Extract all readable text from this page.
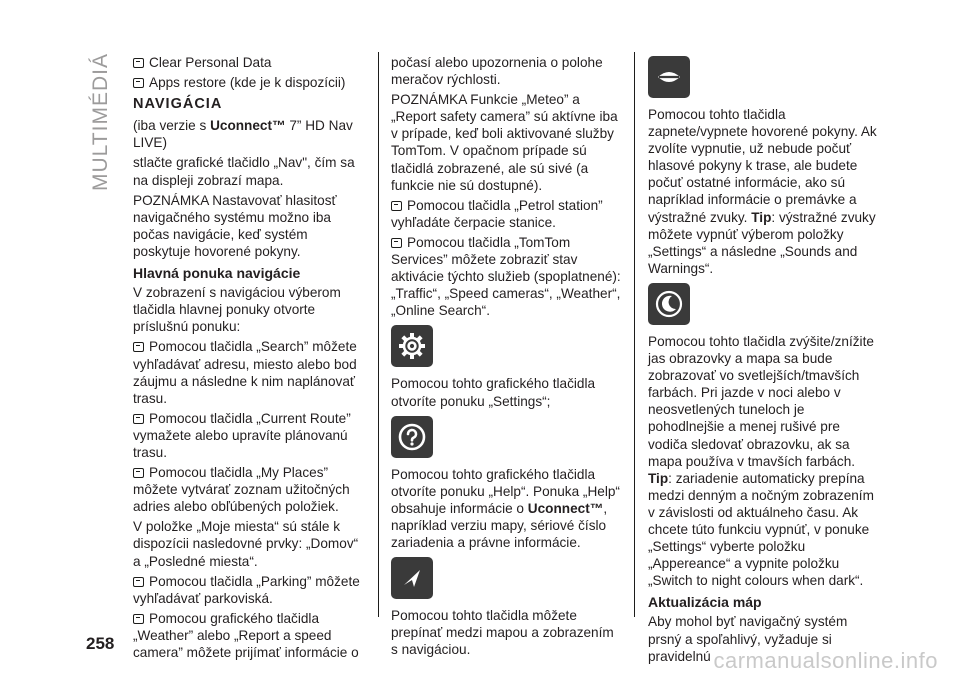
MULTIMÉDIÁ	Clear Personal Data
Apps restore (kde je k dispozícii)
NAVIGÁCIA
(iba verzie s Uconnect™ 7” HD Nav LIVE)
stlačte grafické tlačidlo „Nav", čím sa na displeji zobrazí mapa.
POZNÁMKA Nastavovať hlasitosť navigačného systému možno iba počas navigácie, keď systém poskytuje hovorené pokyny.
Hlavná ponuka navigácie
V zobrazení s navigáciou výberom tlačidla hlavnej ponuky otvorte príslušnú ponuku:
Pomocou tlačidla „Search” môžete vyhľadávať adresu, miesto alebo bod záujmu a následne k nim naplánovať trasu.
Pomocou tlačidla „Current Route” vymažete alebo upravíte plánovanú trasu.
Pomocou tlačidla „My Places” môžete vytvárať zoznam užitočných adries alebo obľúbených položiek.
V položke „Moje miesta“ sú stále k dispozícii nasledovné prvky: „Domov“ a „Posledné miesta“.
Pomocou tlačidla „Parking” môžete vyhľadávať parkoviská.
Pomocou grafického tlačidla „Weather” alebo „Report a speed camera” môžete prijímať informácie o
počasí alebo upozornenia o polohe meračov rýchlosti.
POZNÁMKA Funkcie „Meteo” a „Report safety camera” sú aktívne iba v prípade, keď boli aktivované služby TomTom. V opačnom prípade sú tlačidlá zobrazené, ale sú sivé (a funkcie nie sú dostupné).
Pomocou tlačidla „Petrol station” vyhľadáte čerpacie stanice.
Pomocou tlačidla „TomTom Services” môžete zobraziť stav aktivácie týchto služieb (spoplatnené): „Traffic“, „Speed cameras“, „Weather“, „Online Search“.
Pomocou tohto grafického tlačidla otvoríte ponuku „Settings“;
Pomocou tohto grafického tlačidla otvoríte ponuku „Help“. Ponuka „Help“ obsahuje informácie o Uconnect™, napríklad verziu mapy, sériové číslo zariadenia a právne informácie.
Pomocou tohto tlačidla môžete prepínať medzi mapou a zobrazením s navigáciou.
Pomocou tohto tlačidla zapnete/vypnete hovorené pokyny. Ak zvolíte vypnutie, už nebude počuť hlasové pokyny k trase, ale budete počuť ostatné informácie, ako sú napríklad informácie o premávke a výstražné zvuky. Tip: výstražné zvuky môžete vypnúť výberom položky „Settings“ a následne „Sounds and Warnings“.
Pomocou tohto tlačidla zvýšite/znížite jas obrazovky a mapa sa bude zobrazovať vo svetlejších/tmavších farbách. Pri jazde v noci alebo v neosvetlených tuneloch je pohodlnejšie a menej rušivé pre vodiča sledovať obrazovku, ak sa mapa používa v tmavších farbách. Tip: zariadenie automaticky prepína medzi denným a nočným zobrazením v závislosti od aktuálneho času. Ak chcete túto funkciu vypnúť, v ponuke „Settings“ vyberte položku „Appereance“ a vypnite položku „Switch to night colours when dark“.
Aktualizácia máp
Aby mohol byť navigačný systém prsný a spoľahlivý, vyžaduje si pravidelnú
258
carmanualsonline.info
